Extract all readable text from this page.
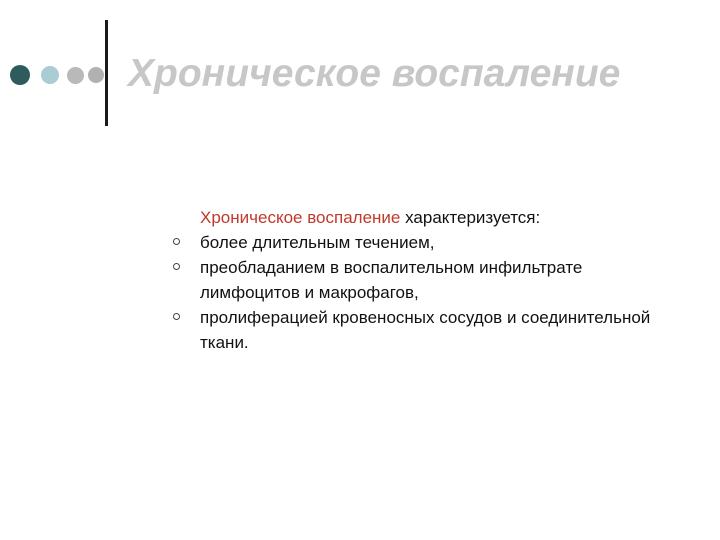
Хроническое воспаление
Хроническое воспаление характеризуется:
более длительным течением,
преобладанием в воспалительном инфильтрате лимфоцитов и макрофагов,
пролиферацией кровеносных сосудов и соединительной ткани.
